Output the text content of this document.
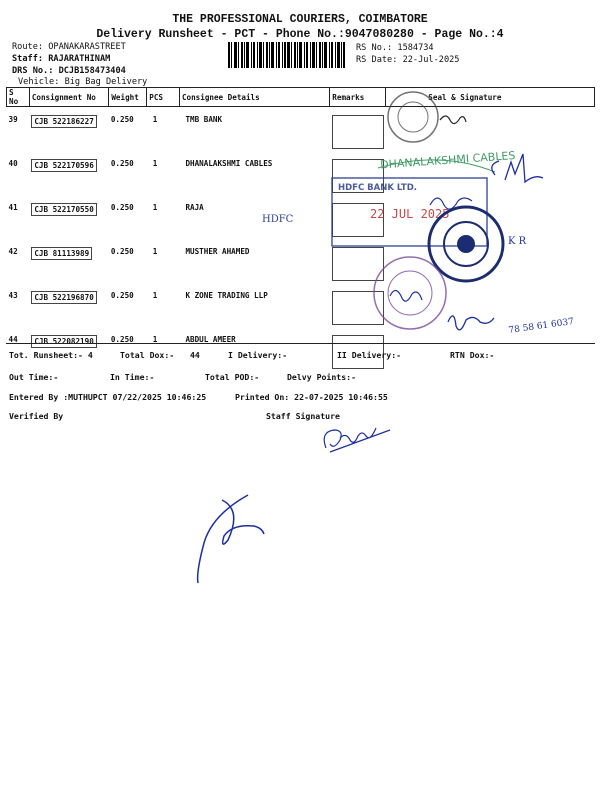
THE PROFESSIONAL COURIERS, COIMBATORE
Delivery Runsheet - PCT - Phone No.:9047080280 - Page No.:4
Route: OPANAKARASTREET
Staff: RAJARATHINAM
DRS No.: DCJB158473404
Vehicle: Big Bag Delivery
RS No.: 1584734
RS Date: 22-Jul-2025
S No	Consignment No	Weight	PCS	Consignee Details	Remarks	Seal & Signature
39	CJB 522186227	0.250	1	TMB BANK		
40	CJB 522170596	0.250	1	DHANALAKSHMI CABLES		
41	CJB 522170550	0.250	1	RAJA		
42	CJB 81113989	0.250	1	MUSTHER AHAMED		
43	CJB 522196870	0.250	1	K ZONE TRADING LLP		
44	CJB 522082190	0.250	1	ABDUL AMEER		
Tot. Runsheet:- 4	Total Dox:- 44	I Delivery:-	II Delivery:-	RTN Dox:-
Out Time:-	In Time:-	Total POD:-	Delvy Points:-
Entered By :MUTHUPCT 07/22/2025 10:46:25	Printed On: 22-07-2025 10:46:55
Verified By	Staff Signature
DHANALAKSHMI CABLES
HDFC BANK LTD.
22 JUL 2025
HDFC
K R
78 58 61 6037
